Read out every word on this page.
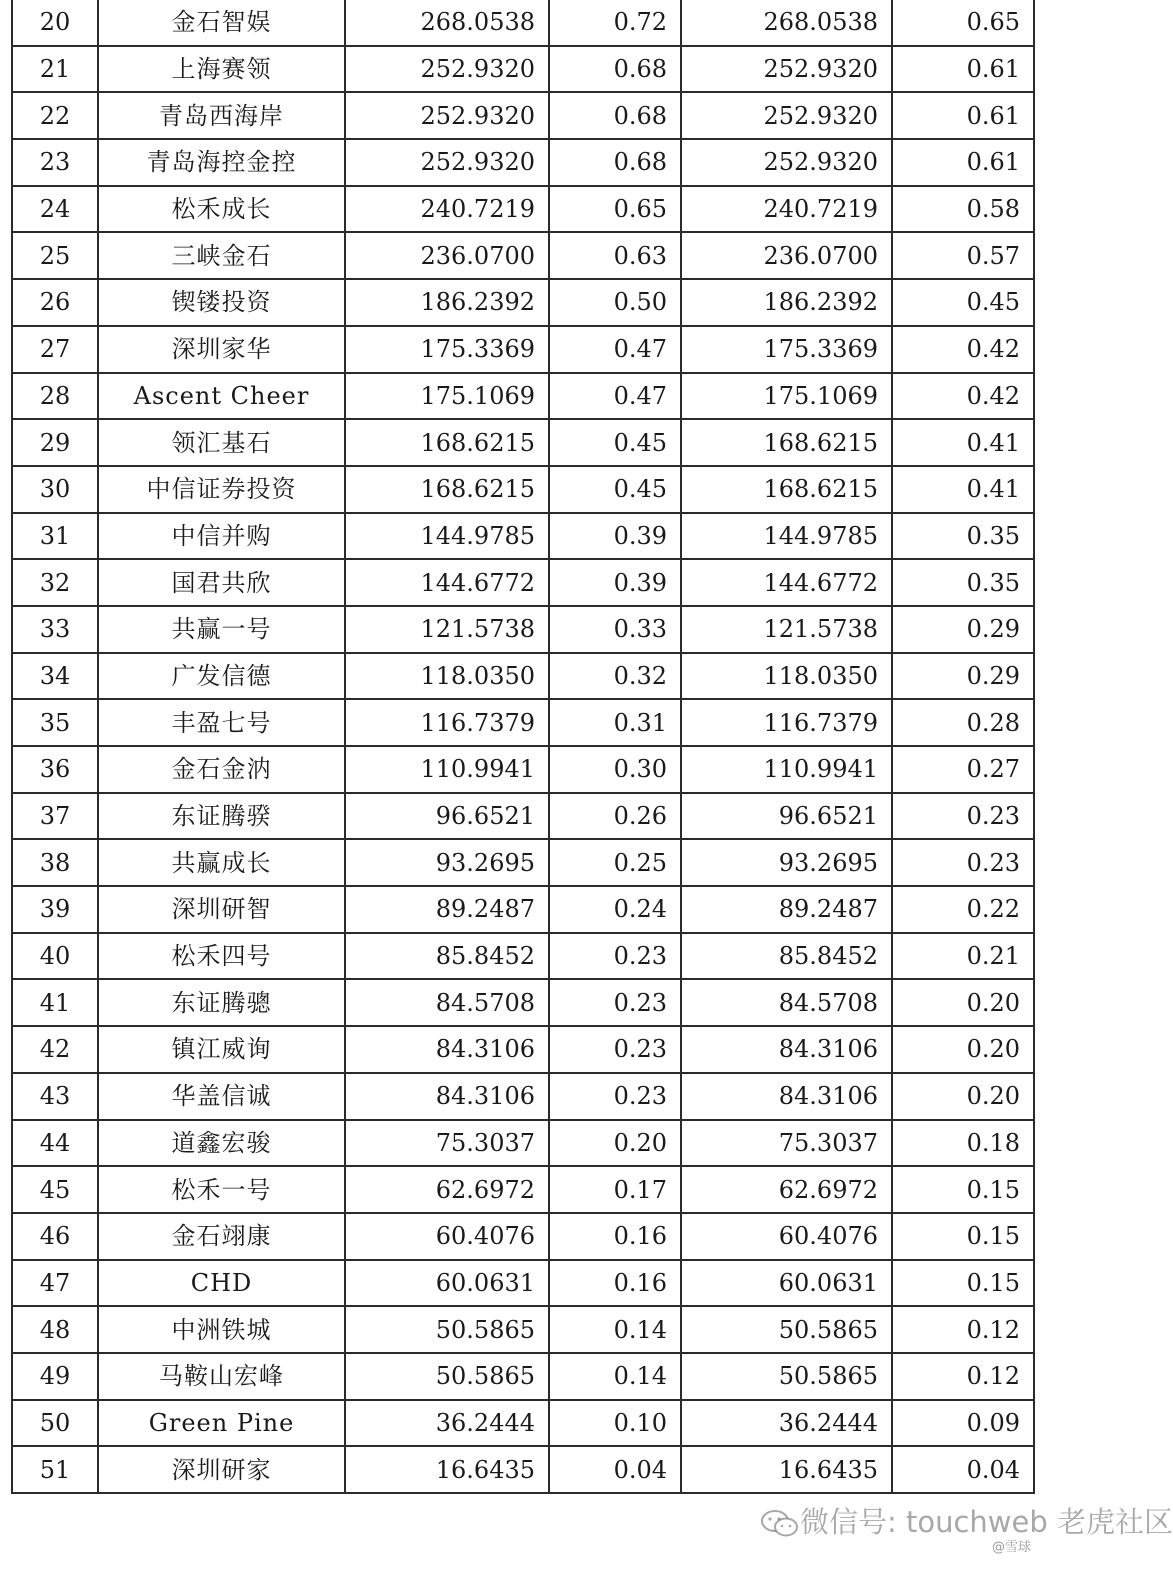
20	金石智娱	268.0538	0.72	268.0538	0.65
21	上海赛领	252.9320	0.68	252.9320	0.61
22	青岛西海岸	252.9320	0.68	252.9320	0.61
23	青岛海控金控	252.9320	0.68	252.9320	0.61
24	松禾成长	240.7219	0.65	240.7219	0.58
25	三峡金石	236.0700	0.63	236.0700	0.57
26	锲镂投资	186.2392	0.50	186.2392	0.45
27	深圳家华	175.3369	0.47	175.3369	0.42
28	Ascent Cheer	175.1069	0.47	175.1069	0.42
29	领汇基石	168.6215	0.45	168.6215	0.41
30	中信证券投资	168.6215	0.45	168.6215	0.41
31	中信并购	144.9785	0.39	144.9785	0.35
32	国君共欣	144.6772	0.39	144.6772	0.35
33	共赢一号	121.5738	0.33	121.5738	0.29
34	广发信德	118.0350	0.32	118.0350	0.29
35	丰盈七号	116.7379	0.31	116.7379	0.28
36	金石金汭	110.9941	0.30	110.9941	0.27
37	东证腾骙	96.6521	0.26	96.6521	0.23
38	共赢成长	93.2695	0.25	93.2695	0.23
39	深圳研智	89.2487	0.24	89.2487	0.22
40	松禾四号	85.8452	0.23	85.8452	0.21
41	东证腾骢	84.5708	0.23	84.5708	0.20
42	镇江威询	84.3106	0.23	84.3106	0.20
43	华盖信诚	84.3106	0.23	84.3106	0.20
44	道鑫宏骏	75.3037	0.20	75.3037	0.18
45	松禾一号	62.6972	0.17	62.6972	0.15
46	金石翊康	60.4076	0.16	60.4076	0.15
47	CHD	60.0631	0.16	60.0631	0.15
48	中洲铁城	50.5865	0.14	50.5865	0.12
49	马鞍山宏峰	50.5865	0.14	50.5865	0.12
50	Green Pine	36.2444	0.10	36.2444	0.09
51	深圳研家	16.6435	0.04	16.6435	0.04
微信号: touchweb 老虎社区
@雪球
